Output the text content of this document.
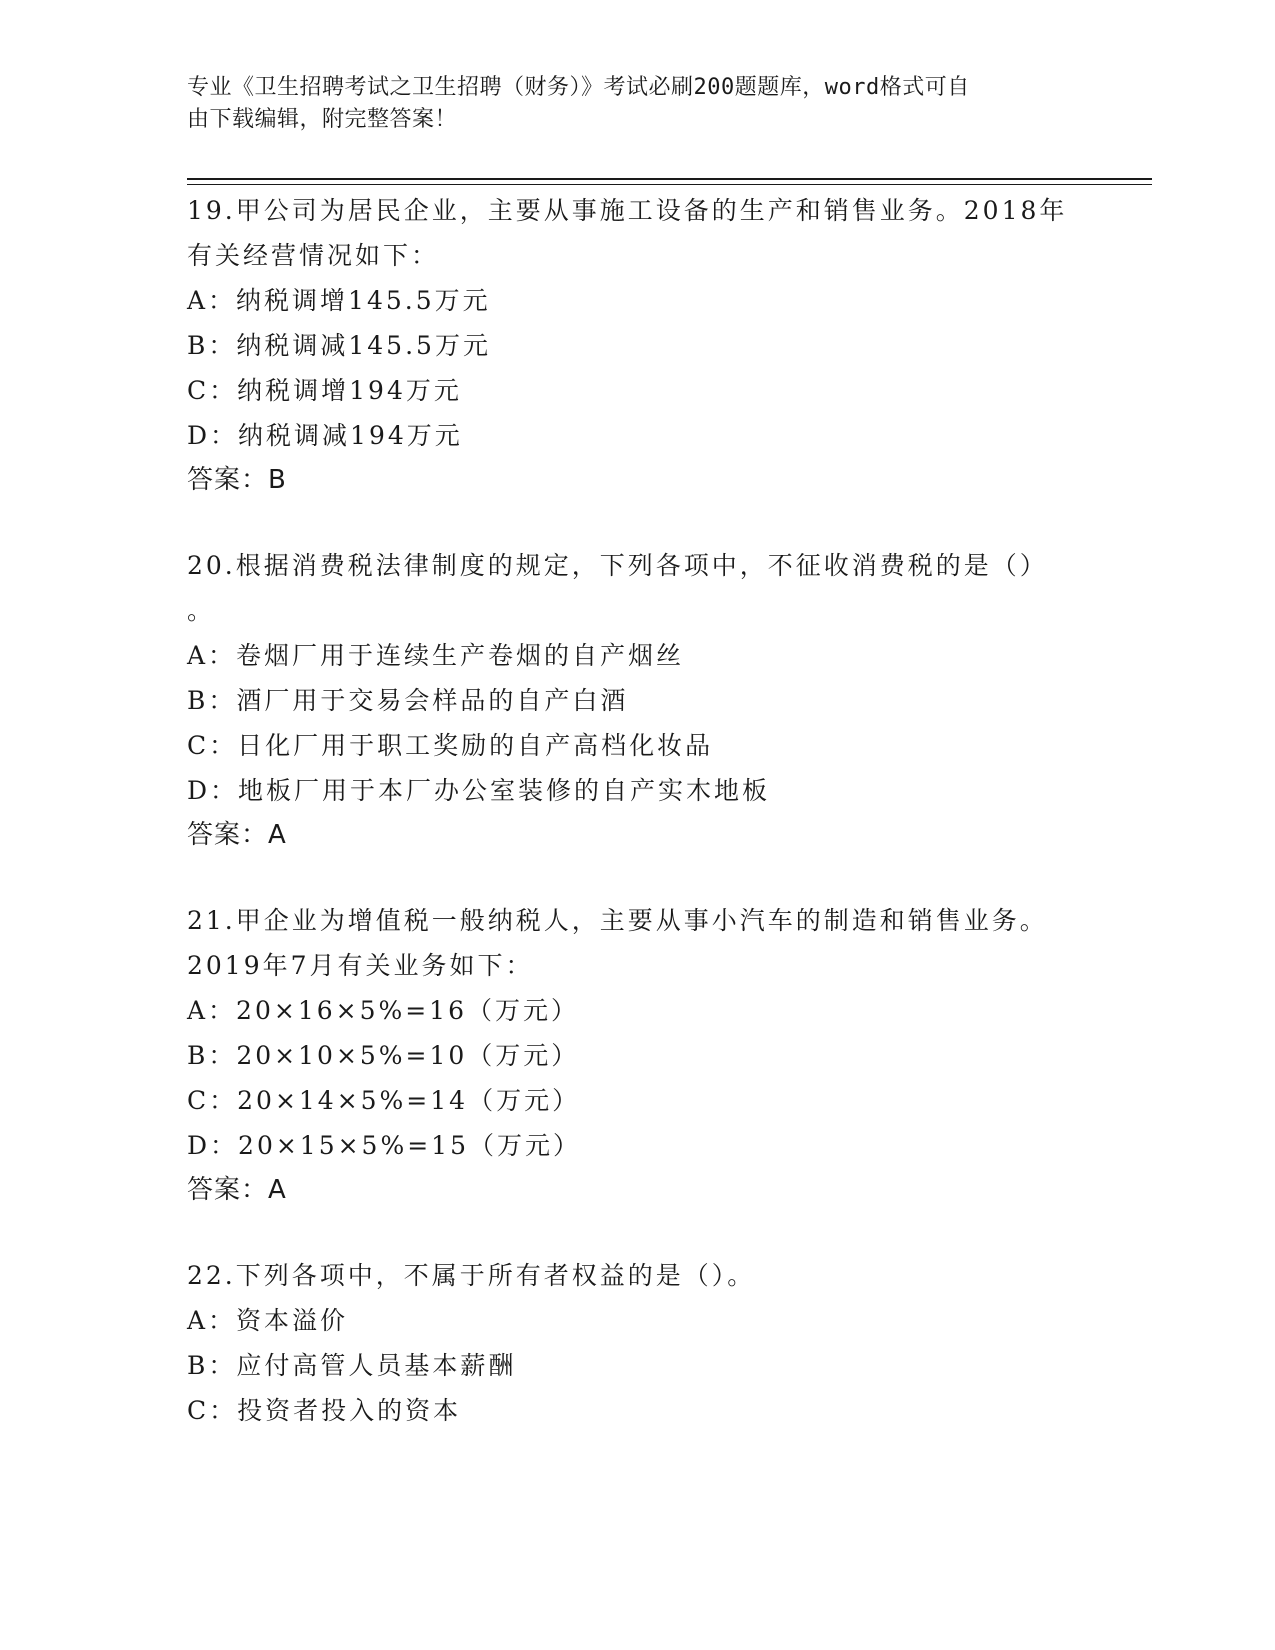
专业《卫生招聘考试之卫生招聘（财务）》考试必刷200题题库，word格式可自
由下载编辑，附完整答案！
19.甲公司为居民企业，主要从事施工设备的生产和销售业务。2018年
有关经营情况如下：
A：纳税调增145.5万元
B：纳税调减145.5万元
C：纳税调增194万元
D：纳税调减194万元
答案：B
20.根据消费税法律制度的规定，下列各项中，不征收消费税的是（）
。
A：卷烟厂用于连续生产卷烟的自产烟丝
B：酒厂用于交易会样品的自产白酒
C：日化厂用于职工奖励的自产高档化妆品
D：地板厂用于本厂办公室装修的自产实木地板
答案：A
21.甲企业为增值税一般纳税人，主要从事小汽车的制造和销售业务。
2019年7月有关业务如下：
A：20×16×5%=16（万元）
B：20×10×5%=10（万元）
C：20×14×5%=14（万元）
D：20×15×5%=15（万元）
答案：A
22.下列各项中，不属于所有者权益的是（）。
A：资本溢价
B：应付高管人员基本薪酬
C：投资者投入的资本
